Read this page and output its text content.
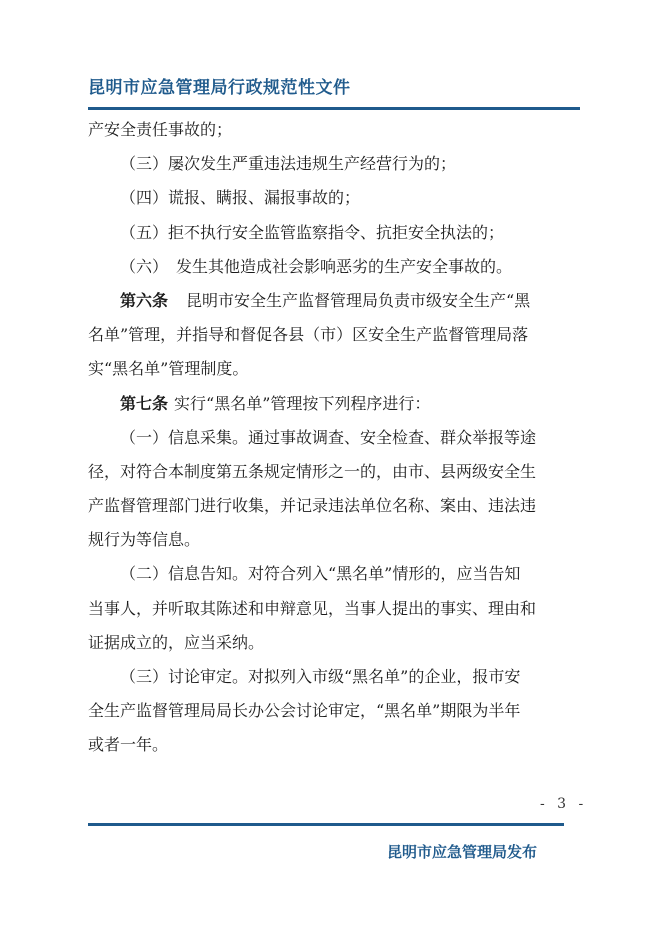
昆明市应急管理局行政规范性文件
产安全责任事故的；
（三）屡次发生严重违法违规生产经营行为的；
（四）谎报、瞒报、漏报事故的；
（五）拒不执行安全监管监察指令、抗拒安全执法的；
（六）　发生其他造成社会影响恶劣的生产安全事故的。
第六条 昆明市安全生产监督管理局负责市级安全生产“黑
名单”管理，并指导和督促各县（市）区安全生产监督管理局落
实“黑名单”管理制度。
第七条 实行“黑名单”管理按下列程序进行：
（一）信息采集。通过事故调查、安全检查、群众举报等途
径，对符合本制度第五条规定情形之一的，由市、县两级安全生
产监督管理部门进行收集，并记录违法单位名称、案由、违法违
规行为等信息。
（二）信息告知。对符合列入“黑名单”情形的，应当告知
当事人，并听取其陈述和申辩意见，当事人提出的事实、理由和
证据成立的，应当采纳。
（三）讨论审定。对拟列入市级“黑名单”的企业，报市安
全生产监督管理局局长办公会讨论审定，“黑名单”期限为半年
或者一年。
- 3 -
昆明市应急管理局发布
